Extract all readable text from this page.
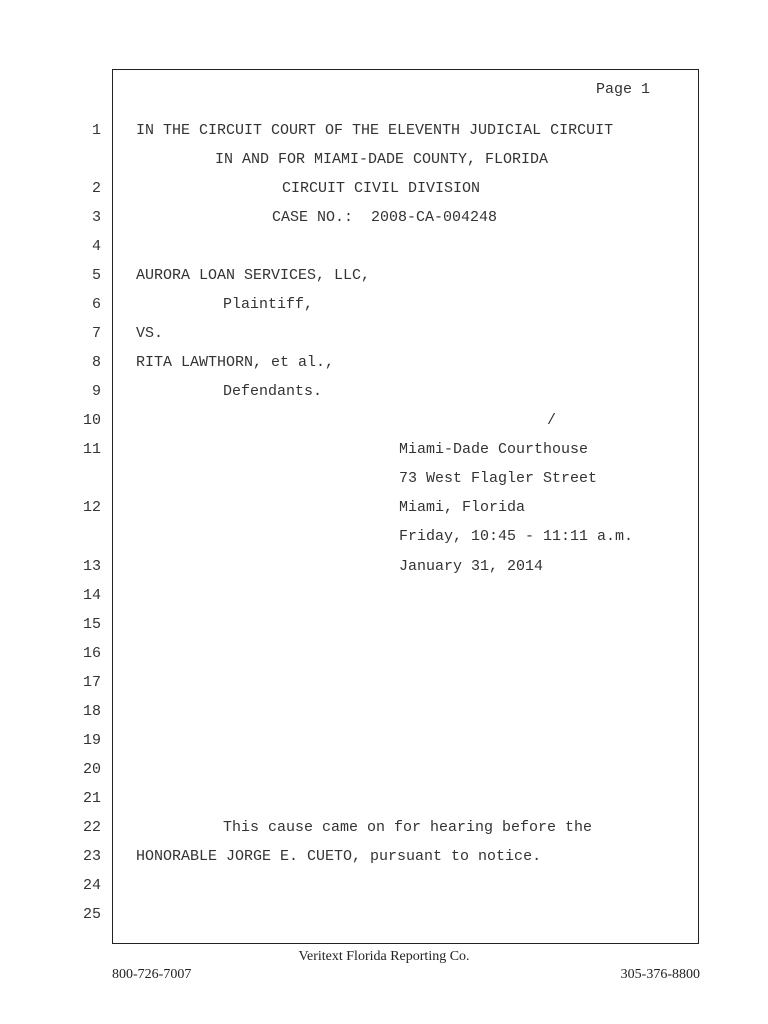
Page 1
1
2
3
4
5
6
7
8
9
10
11
12
13
14
15
16
17
18
19
20
21
22
23
24
25
IN THE CIRCUIT COURT OF THE ELEVENTH JUDICIAL CIRCUIT
IN AND FOR MIAMI-DADE COUNTY, FLORIDA
CIRCUIT CIVIL DIVISION
CASE NO.:  2008-CA-004248
AURORA LOAN SERVICES, LLC,
Plaintiff,
VS.
RITA LAWTHORN, et al.,
Defendants.
/
Miami-Dade Courthouse
73 West Flagler Street
Miami, Florida
Friday, 10:45 - 11:11 a.m.
January 31, 2014
This cause came on for hearing before the
HONORABLE JORGE E. CUETO, pursuant to notice.
Veritext Florida Reporting Co.
800-726-7007	305-376-8800
